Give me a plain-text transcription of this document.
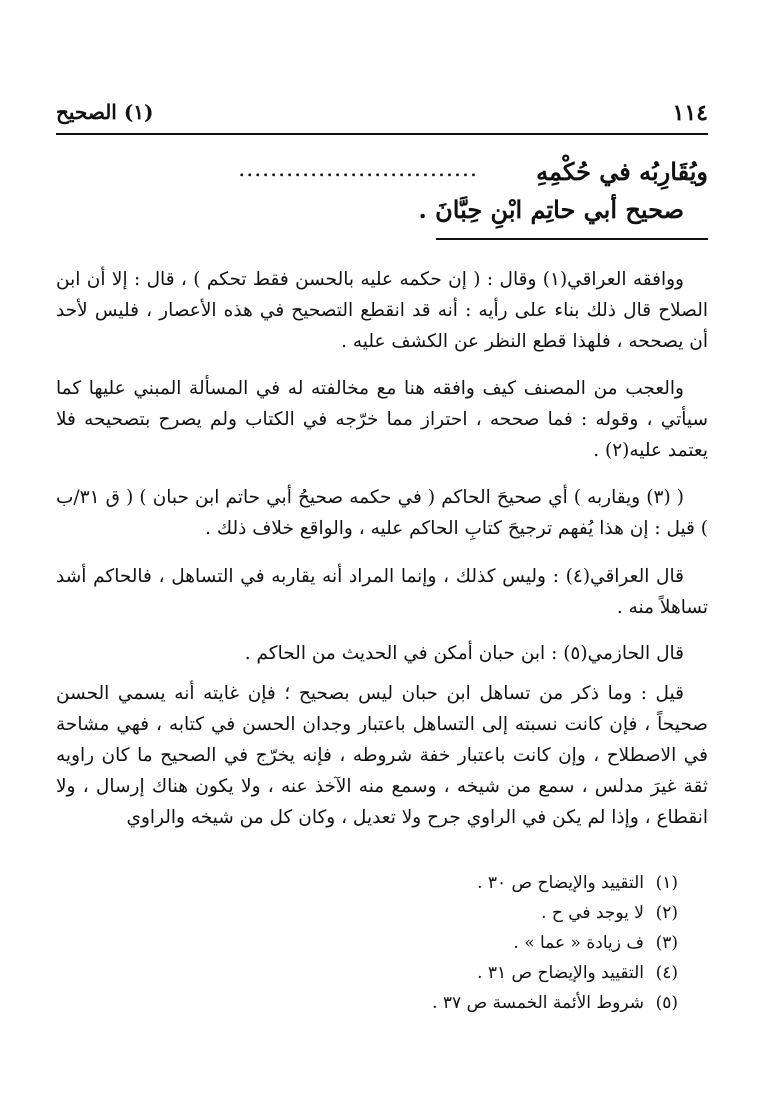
١١٤
(١) الصحيح
ويُقَارِبُه في حُكْمِهِ
..............................
صحيح أبي حاتِم ابْنِ حِبَّانَ .
ووافقه العراقي(١) وقال : ( إن حكمه عليه بالحسن فقط تحكم ) ، قال : إلا أن ابن الصلاح قال ذلك بناء على رأيه : أنه قد انقطع التصحيح في هذه الأعصار ، فليس لأحد أن يصححه ، فلهذا قطع النظر عن الكشف عليه .
والعجب من المصنف كيف وافقه هنا مع مخالفته له في المسألة المبني عليها كما سيأتي ، وقوله : فما صححه ، احتراز مما خرّجه في الكتاب ولم يصرح بتصحيحه فلا يعتمد عليه(٢) .
( (٣) ويقاربه ) أي صحيحَ الحاكم ( في حكمه صحيحُ أبي حاتم ابن حبان ) ( ق ٣١/ب ) قيل : إن هذا يُفهم ترجيحَ كتابِ الحاكم عليه ، والواقع خلاف ذلك .
قال العراقي(٤) : وليس كذلك ، وإنما المراد أنه يقاربه في التساهل ، فالحاكم أشد تساهلاً منه .
قال الحازمي(٥) : ابن حبان أمكن في الحديث من الحاكم .
قيل : وما ذكر من تساهل ابن حبان ليس بصحيح ؛ فإن غايته أنه يسمي الحسن صحيحاً ، فإن كانت نسبته إلى التساهل باعتبار وجدان الحسن في كتابه ، فهي مشاحة في الاصطلاح ، وإن كانت باعتبار خفة شروطه ، فإنه يخرّج في الصحيح ما كان راويه ثقة غيرَ مدلس ، سمع من شيخه ، وسمع منه الآخذ عنه ، ولا يكون هناك إرسال ، ولا انقطاع ، وإذا لم يكن في الراوي جرح ولا تعديل ، وكان كل من شيخه والراوي
(١)التقييد والإيضاح ص ٣٠ .
(٢)لا يوجد في ح .
(٣)ف زيادة « عما » .
(٤)التقييد والإيضاح ص ٣١ .
(٥)شروط الأئمة الخمسة ص ٣٧ .
